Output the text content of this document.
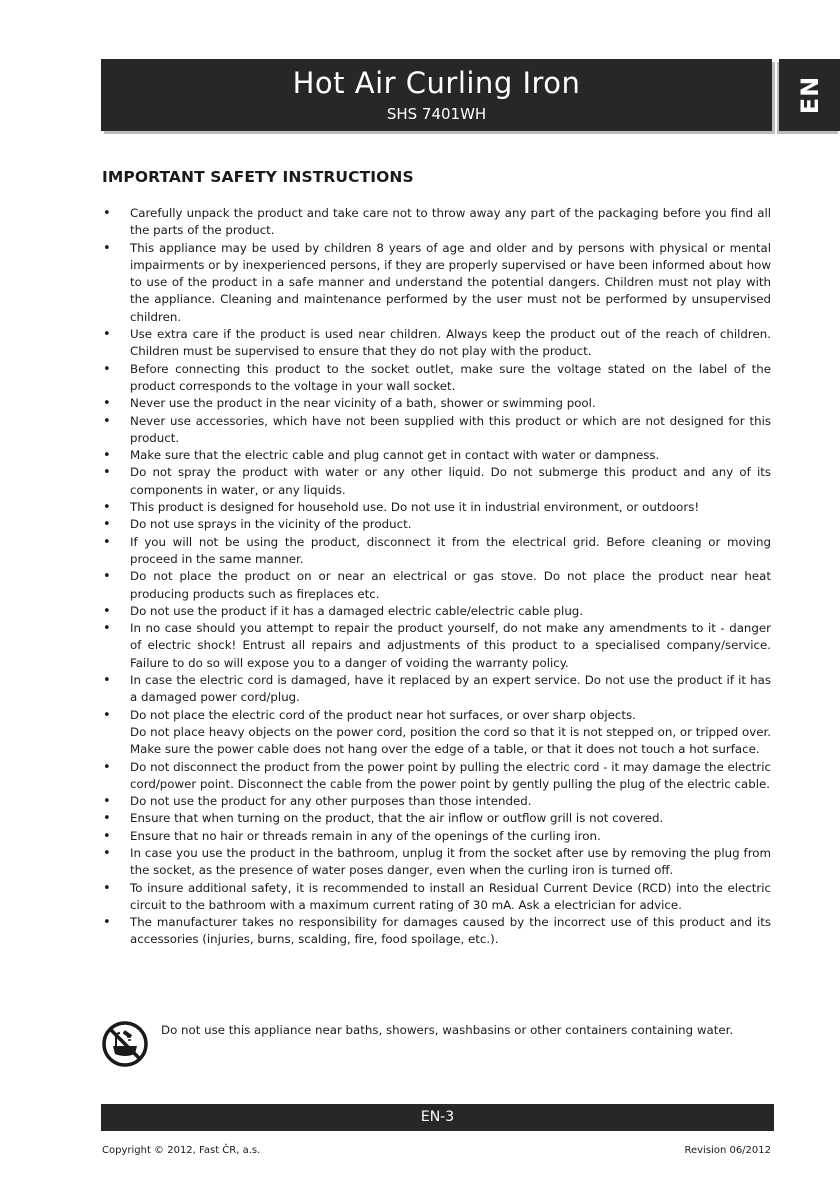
Hot Air Curling Iron
SHS 7401WH	EN
IMPORTANT SAFETY INSTRUCTIONS
• Carefully unpack the product and take care not to throw away any part of the packaging before you find all the parts of the product.
• This appliance may be used by children 8 years of age and older and by persons with physical or mental impairments or by inexperienced persons, if they are properly supervised or have been informed about how to use of the product in a safe manner and understand the potential dangers. Children must not play with the appliance. Cleaning and maintenance performed by the user must not be performed by unsupervised children.
• Use extra care if the product is used near children. Always keep the product out of the reach of children. Children must be supervised to ensure that they do not play with the product.
• Before connecting this product to the socket outlet, make sure the voltage stated on the label of the product corresponds to the voltage in your wall socket.
• Never use the product in the near vicinity of a bath, shower or swimming pool.
• Never use accessories, which have not been supplied with this product or which are not designed for this product.
• Make sure that the electric cable and plug cannot get in contact with water or dampness.
• Do not spray the product with water or any other liquid. Do not submerge this product and any of its components in water, or any liquids.
• This product is designed for household use. Do not use it in industrial environment, or outdoors!
• Do not use sprays in the vicinity of the product.
• If you will not be using the product, disconnect it from the electrical grid. Before cleaning or moving proceed in the same manner.
• Do not place the product on or near an electrical or gas stove. Do not place the product near heat producing products such as fireplaces etc.
• Do not use the product if it has a damaged electric cable/electric cable plug.
• In no case should you attempt to repair the product yourself, do not make any amendments to it - danger of electric shock! Entrust all repairs and adjustments of this product to a specialised company/service. Failure to do so will expose you to a danger of voiding the warranty policy.
• In case the electric cord is damaged, have it replaced by an expert service. Do not use the product if it has a damaged power cord/plug.
• Do not place the electric cord of the product near hot surfaces, or over sharp objects.
Do not place heavy objects on the power cord, position the cord so that it is not stepped on, or tripped over. Make sure the power cable does not hang over the edge of a table, or that it does not touch a hot surface.
• Do not disconnect the product from the power point by pulling the electric cord - it may damage the electric cord/power point. Disconnect the cable from the power point by gently pulling the plug of the electric cable.
• Do not use the product for any other purposes than those intended.
• Ensure that when turning on the product, that the air inflow or outflow grill is not covered.
• Ensure that no hair or threads remain in any of the openings of the curling iron.
• In case you use the product in the bathroom, unplug it from the socket after use by removing the plug from the socket, as the presence of water poses danger, even when the curling iron is turned off.
• To insure additional safety, it is recommended to install an Residual Current Device (RCD) into the electric circuit to the bathroom with a maximum current rating of 30 mA. Ask a electrician for advice.
• The manufacturer takes no responsibility for damages caused by the incorrect use of this product and its accessories (injuries, burns, scalding, fire, food spoilage, etc.).
Do not use this appliance near baths, showers, washbasins or other containers containing water.
EN-3
Copyright © 2012, Fast ČR, a.s.	Revision 06/2012
